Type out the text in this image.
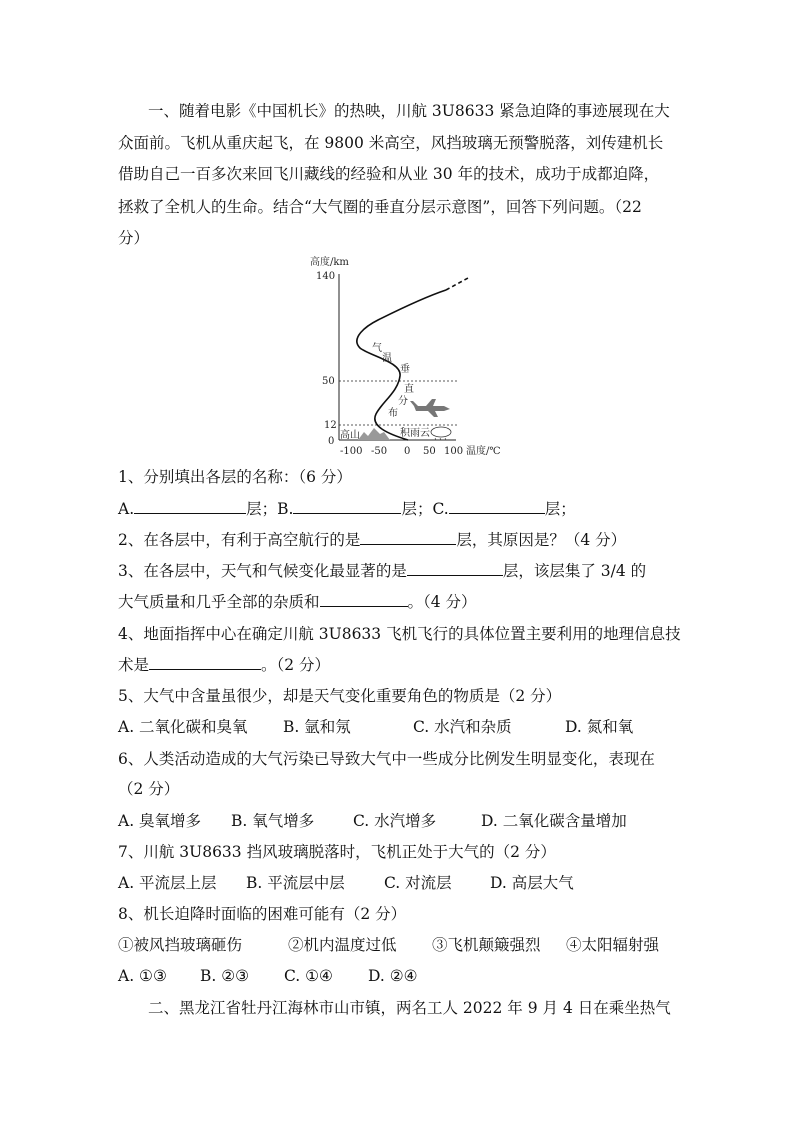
一、随着电影《中国机长》的热映，川航 3U8633 紧急迫降的事迹展现在大
众面前。飞机从重庆起飞，在 9800 米高空，风挡玻璃无预警脱落，刘传建机长
借助自己一百多次来回飞川藏线的经验和从业 30 年的技术，成功于成都迫降，
拯救了全机人的生命。结合“大气圈的垂直分层示意图”，回答下列问题。（22
分）
高度/km
140
50
12
0
气
温
垂
直
分
布
高山	积雨云
-100 -50 0 50 100 温度/℃
1、分别填出各层的名称：（6 分）
A.	层；B.	层；C.	层；
2、在各层中，有利于高空航行的是	层，其原因是？（4 分）
3、在各层中，天气和气候变化最显著的是	层，该层集了 3/4 的
大气质量和几乎全部的杂质和	。（4 分）
4、地面指挥中心在确定川航 3U8633 飞机飞行的具体位置主要利用的地理信息技
术是	。（2 分）
5、大气中含量虽很少，却是天气变化重要角色的物质是（2 分）
A. 二氧化碳和臭氧 B. 氩和氖	C. 水汽和杂质	D. 氮和氧
6、人类活动造成的大气污染已导致大气中一些成分比例发生明显变化，表现在
（2 分）
A. 臭氧增多 B. 氧气增多	C. 水汽增多	D. 二氧化碳含量增加
7、川航 3U8633 挡风玻璃脱落时，飞机正处于大气的（2 分）
A. 平流层上层 B. 平流层中层	C. 对流层 D. 高层大气
8、机长迫降时面临的困难可能有（2 分）
①被风挡玻璃砸伤	②机内温度过低 ③飞机颠簸强烈 ④太阳辐射强
A. ①③ B. ②③ C. ①④ D. ②④
二、黑龙江省牡丹江海林市山市镇，两名工人 2022 年 9 月 4 日在乘坐热气
